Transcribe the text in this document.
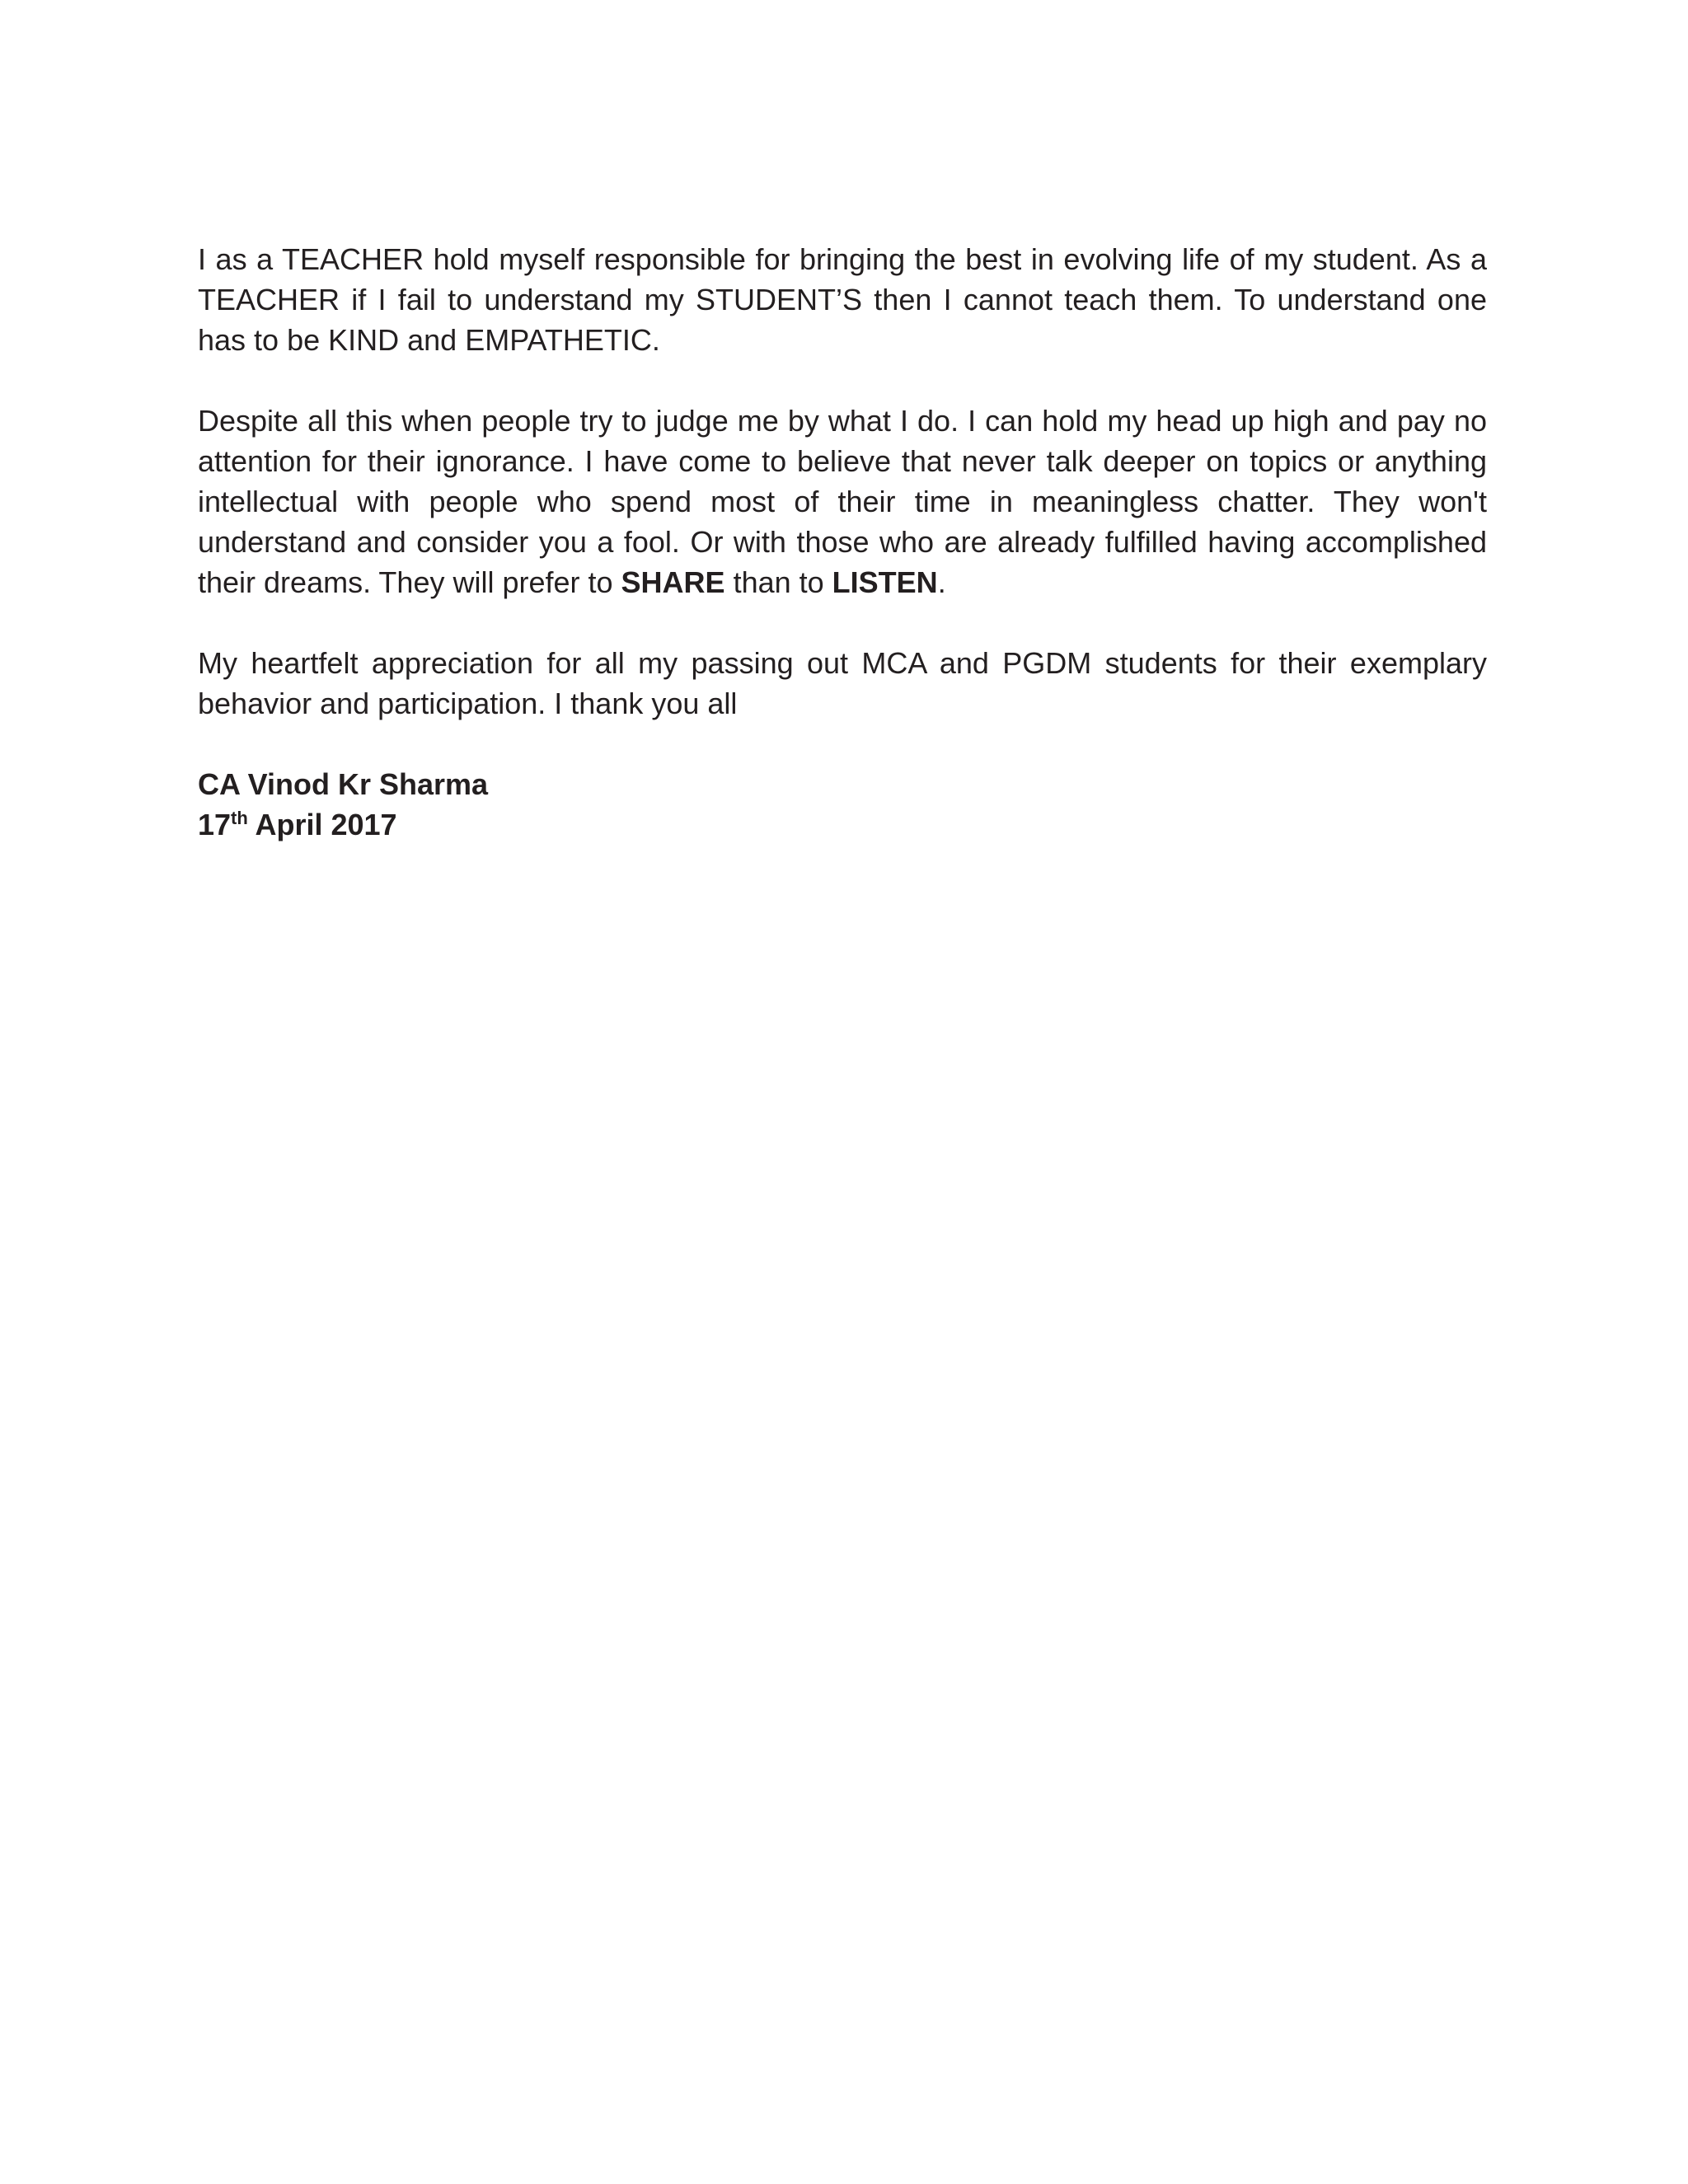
I as a TEACHER hold myself responsible for bringing the best in evolving life of my student. As a TEACHER if I fail to understand my STUDENT’S then I cannot teach them. To understand one has to be KIND and EMPATHETIC.

Despite all this when people try to judge me by what I do. I can hold my head up high and pay no attention for their ignorance. I have come to believe that never talk deeper on topics or anything intellectual with people who spend most of their time in meaningless chatter. They won't understand and consider you a fool. Or with those who are already fulfilled having accomplished their dreams. They will prefer to SHARE than to LISTEN.

My heartfelt appreciation for all my passing out MCA and PGDM students for their exemplary behavior and participation. I thank you all

CA Vinod Kr Sharma

17th April 2017
